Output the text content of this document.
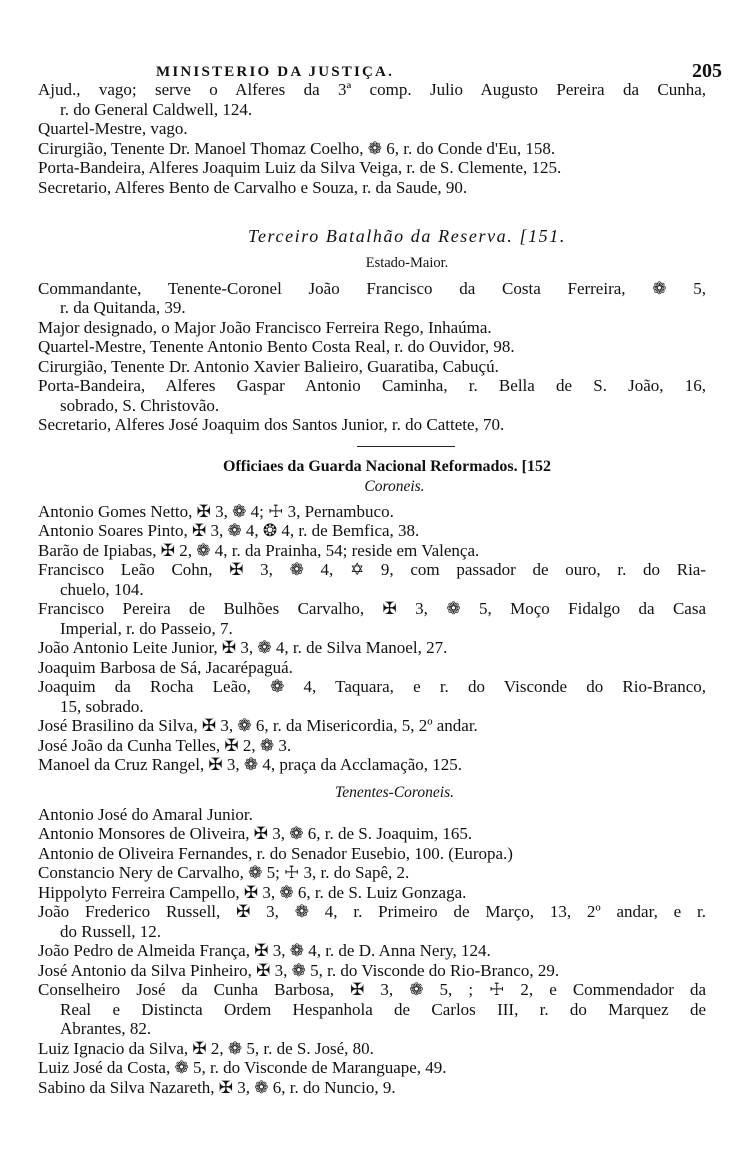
MINISTERIO DA JUSTIÇA.	205
Ajud., vago; serve o Alferes da 3ª comp. Julio Augusto Pereira da Cunha,
r. do General Caldwell, 124.
Quartel-Mestre, vago.
Cirurgião, Tenente Dr. Manoel Thomaz Coelho, ❁ 6, r. do Conde d'Eu, 158.
Porta-Bandeira, Alferes Joaquim Luiz da Silva Veiga, r. de S. Clemente, 125.
Secretario, Alferes Bento de Carvalho e Souza, r. da Saude, 90.
Terceiro Batalhão da Reserva. [151.
Estado-Maior.
Commandante, Tenente-Coronel João Francisco da Costa Ferreira, ❁ 5,
r. da Quitanda, 39.
Major designado, o Major João Francisco Ferreira Rego, Inhaúma.
Quartel-Mestre, Tenente Antonio Bento Costa Real, r. do Ouvidor, 98.
Cirurgião, Tenente Dr. Antonio Xavier Balieiro, Guaratiba, Cabuçú.
Porta-Bandeira, Alferes Gaspar Antonio Caminha, r. Bella de S. João, 16,
sobrado, S. Christovão.
Secretario, Alferes José Joaquim dos Santos Junior, r. do Cattete, 70.
Officiaes da Guarda Nacional Reformados. [152
Coroneis.
Antonio Gomes Netto, ✠ 3, ❁ 4; ☩ 3, Pernambuco.
Antonio Soares Pinto, ✠ 3, ❁ 4, ❂ 4, r. de Bemfica, 38.
Barão de Ipiabas, ✠ 2, ❁ 4, r. da Prainha, 54; reside em Valença.
Francisco Leão Cohn, ✠ 3, ❁ 4, ✡ 9, com passador de ouro, r. do Ria-
chuelo, 104.
Francisco Pereira de Bulhões Carvalho, ✠ 3, ❁ 5, Moço Fidalgo da Casa
Imperial, r. do Passeio, 7.
João Antonio Leite Junior, ✠ 3, ❁ 4, r. de Silva Manoel, 27.
Joaquim Barbosa de Sá, Jacarépaguá.
Joaquim da Rocha Leão, ❁ 4, Taquara, e r. do Visconde do Rio-Branco,
15, sobrado.
José Brasilino da Silva, ✠ 3, ❁ 6, r. da Misericordia, 5, 2º andar.
José João da Cunha Telles, ✠ 2, ❁ 3.
Manoel da Cruz Rangel, ✠ 3, ❁ 4, praça da Acclamação, 125.
Tenentes-Coroneis.
Antonio José do Amaral Junior.
Antonio Monsores de Oliveira, ✠ 3, ❁ 6, r. de S. Joaquim, 165.
Antonio de Oliveira Fernandes, r. do Senador Eusebio, 100. (Europa.)
Constancio Nery de Carvalho, ❁ 5; ☩ 3, r. do Sapê, 2.
Hippolyto Ferreira Campello, ✠ 3, ❁ 6, r. de S. Luiz Gonzaga.
João Frederico Russell, ✠ 3, ❁ 4, r. Primeiro de Março, 13, 2º andar, e r.
do Russell, 12.
João Pedro de Almeida França, ✠ 3, ❁ 4, r. de D. Anna Nery, 124.
José Antonio da Silva Pinheiro, ✠ 3, ❁ 5, r. do Visconde do Rio-Branco, 29.
Conselheiro José da Cunha Barbosa, ✠ 3, ❁ 5, ; ☩ 2, e Commendador da
Real e Distincta Ordem Hespanhola de Carlos III, r. do Marquez de
Abrantes, 82.
Luiz Ignacio da Silva, ✠ 2, ❁ 5, r. de S. José, 80.
Luiz José da Costa, ❁ 5, r. do Visconde de Maranguape, 49.
Sabino da Silva Nazareth, ✠ 3, ❁ 6, r. do Nuncio, 9.
